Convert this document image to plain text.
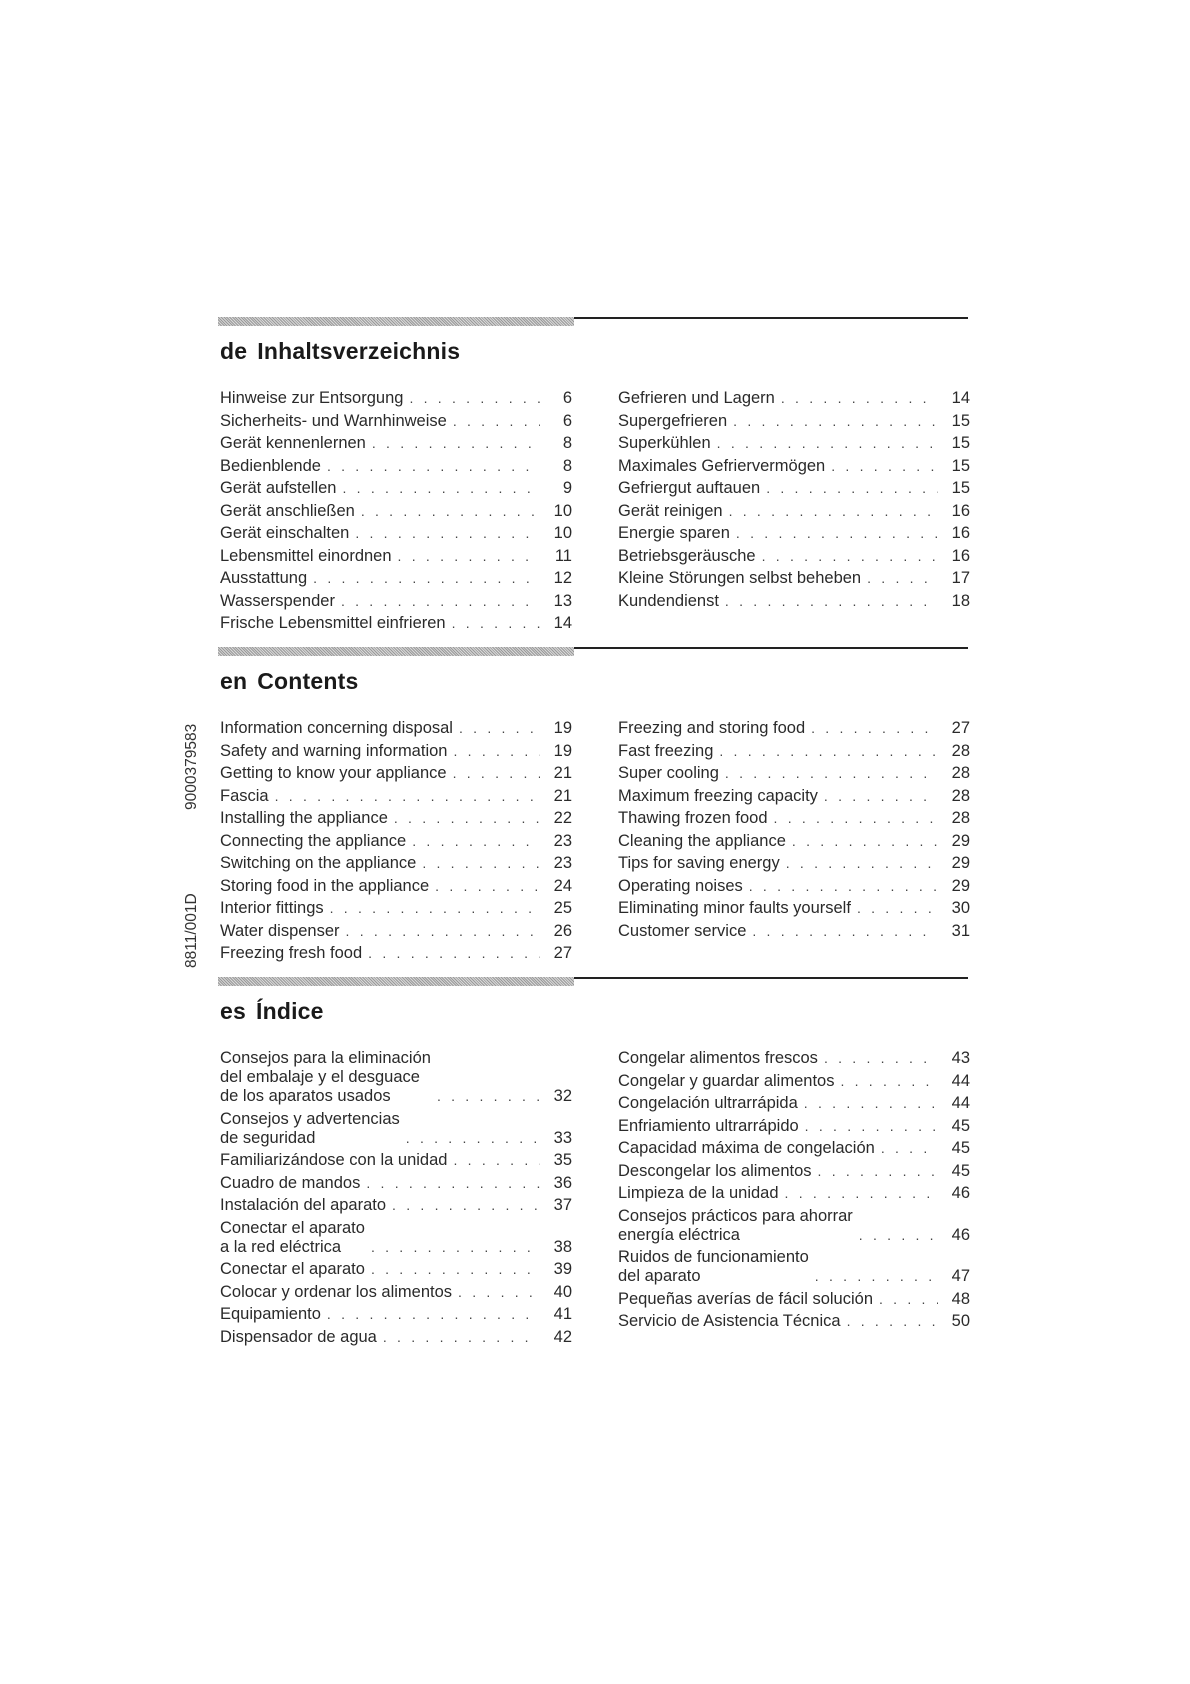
9000379583
8811/001D
de Inhaltsverzeichnis
Hinweise zur Entsorgung . . .	6
Sicherheits- und Warnhinweise . . .	6
Gerät kennenlernen . . .	8
Bedienblende . . .	8
Gerät aufstellen . . .	9
Gerät anschließen . . .	10
Gerät einschalten . . .	10
Lebensmittel einordnen . . .	11
Ausstattung . . .	12
Wasserspender . . .	13
Frische Lebensmittel einfrieren . . .	14
Gefrieren und Lagern . . .	14
Supergefrieren . . .	15
Superkühlen . . .	15
Maximales Gefriervermögen . . .	15
Gefriergut auftauen . . .	15
Gerät reinigen . . .	16
Energie sparen . . .	16
Betriebsgeräusche . . .	16
Kleine Störungen selbst beheben . . .	17
Kundendienst . . .	18
en Contents
Information concerning disposal . . .	19
Safety and warning information . . .	19
Getting to know your appliance . . .	21
Fascia . . .	21
Installing the appliance . . .	22
Connecting the appliance . . .	23
Switching on the appliance . . .	23
Storing food in the appliance . . .	24
Interior fittings . . .	25
Water dispenser . . .	26
Freezing fresh food . . .	27
Freezing and storing food . . .	27
Fast freezing . . .	28
Super cooling . . .	28
Maximum freezing capacity . . .	28
Thawing frozen food . . .	28
Cleaning the appliance . . .	29
Tips for saving energy . . .	29
Operating noises . . .	29
Eliminating minor faults yourself . . .	30
Customer service . . .	31
es Índice
Consejos para la eliminación
del embalaje y el desguace
de los aparatos usados . . .	32
Consejos y advertencias
de seguridad . . .	33
Familiarizándose con la unidad . . .	35
Cuadro de mandos . . .	36
Instalación del aparato . . .	37
Conectar el aparato
a la red eléctrica . . .	38
Conectar el aparato . . .	39
Colocar y ordenar los alimentos . . .	40
Equipamiento . . .	41
Dispensador de agua . . .	42
Congelar alimentos frescos . . .	43
Congelar y guardar alimentos . . .	44
Congelación ultrarrápida . . .	44
Enfriamiento ultrarrápido . . .	45
Capacidad máxima de congelación . . .	45
Descongelar los alimentos . . .	45
Limpieza de la unidad . . .	46
Consejos prácticos para ahorrar
energía eléctrica . . .	46
Ruidos de funcionamiento
del aparato . . .	47
Pequeñas averías de fácil solución . . .	48
Servicio de Asistencia Técnica . . .	50
